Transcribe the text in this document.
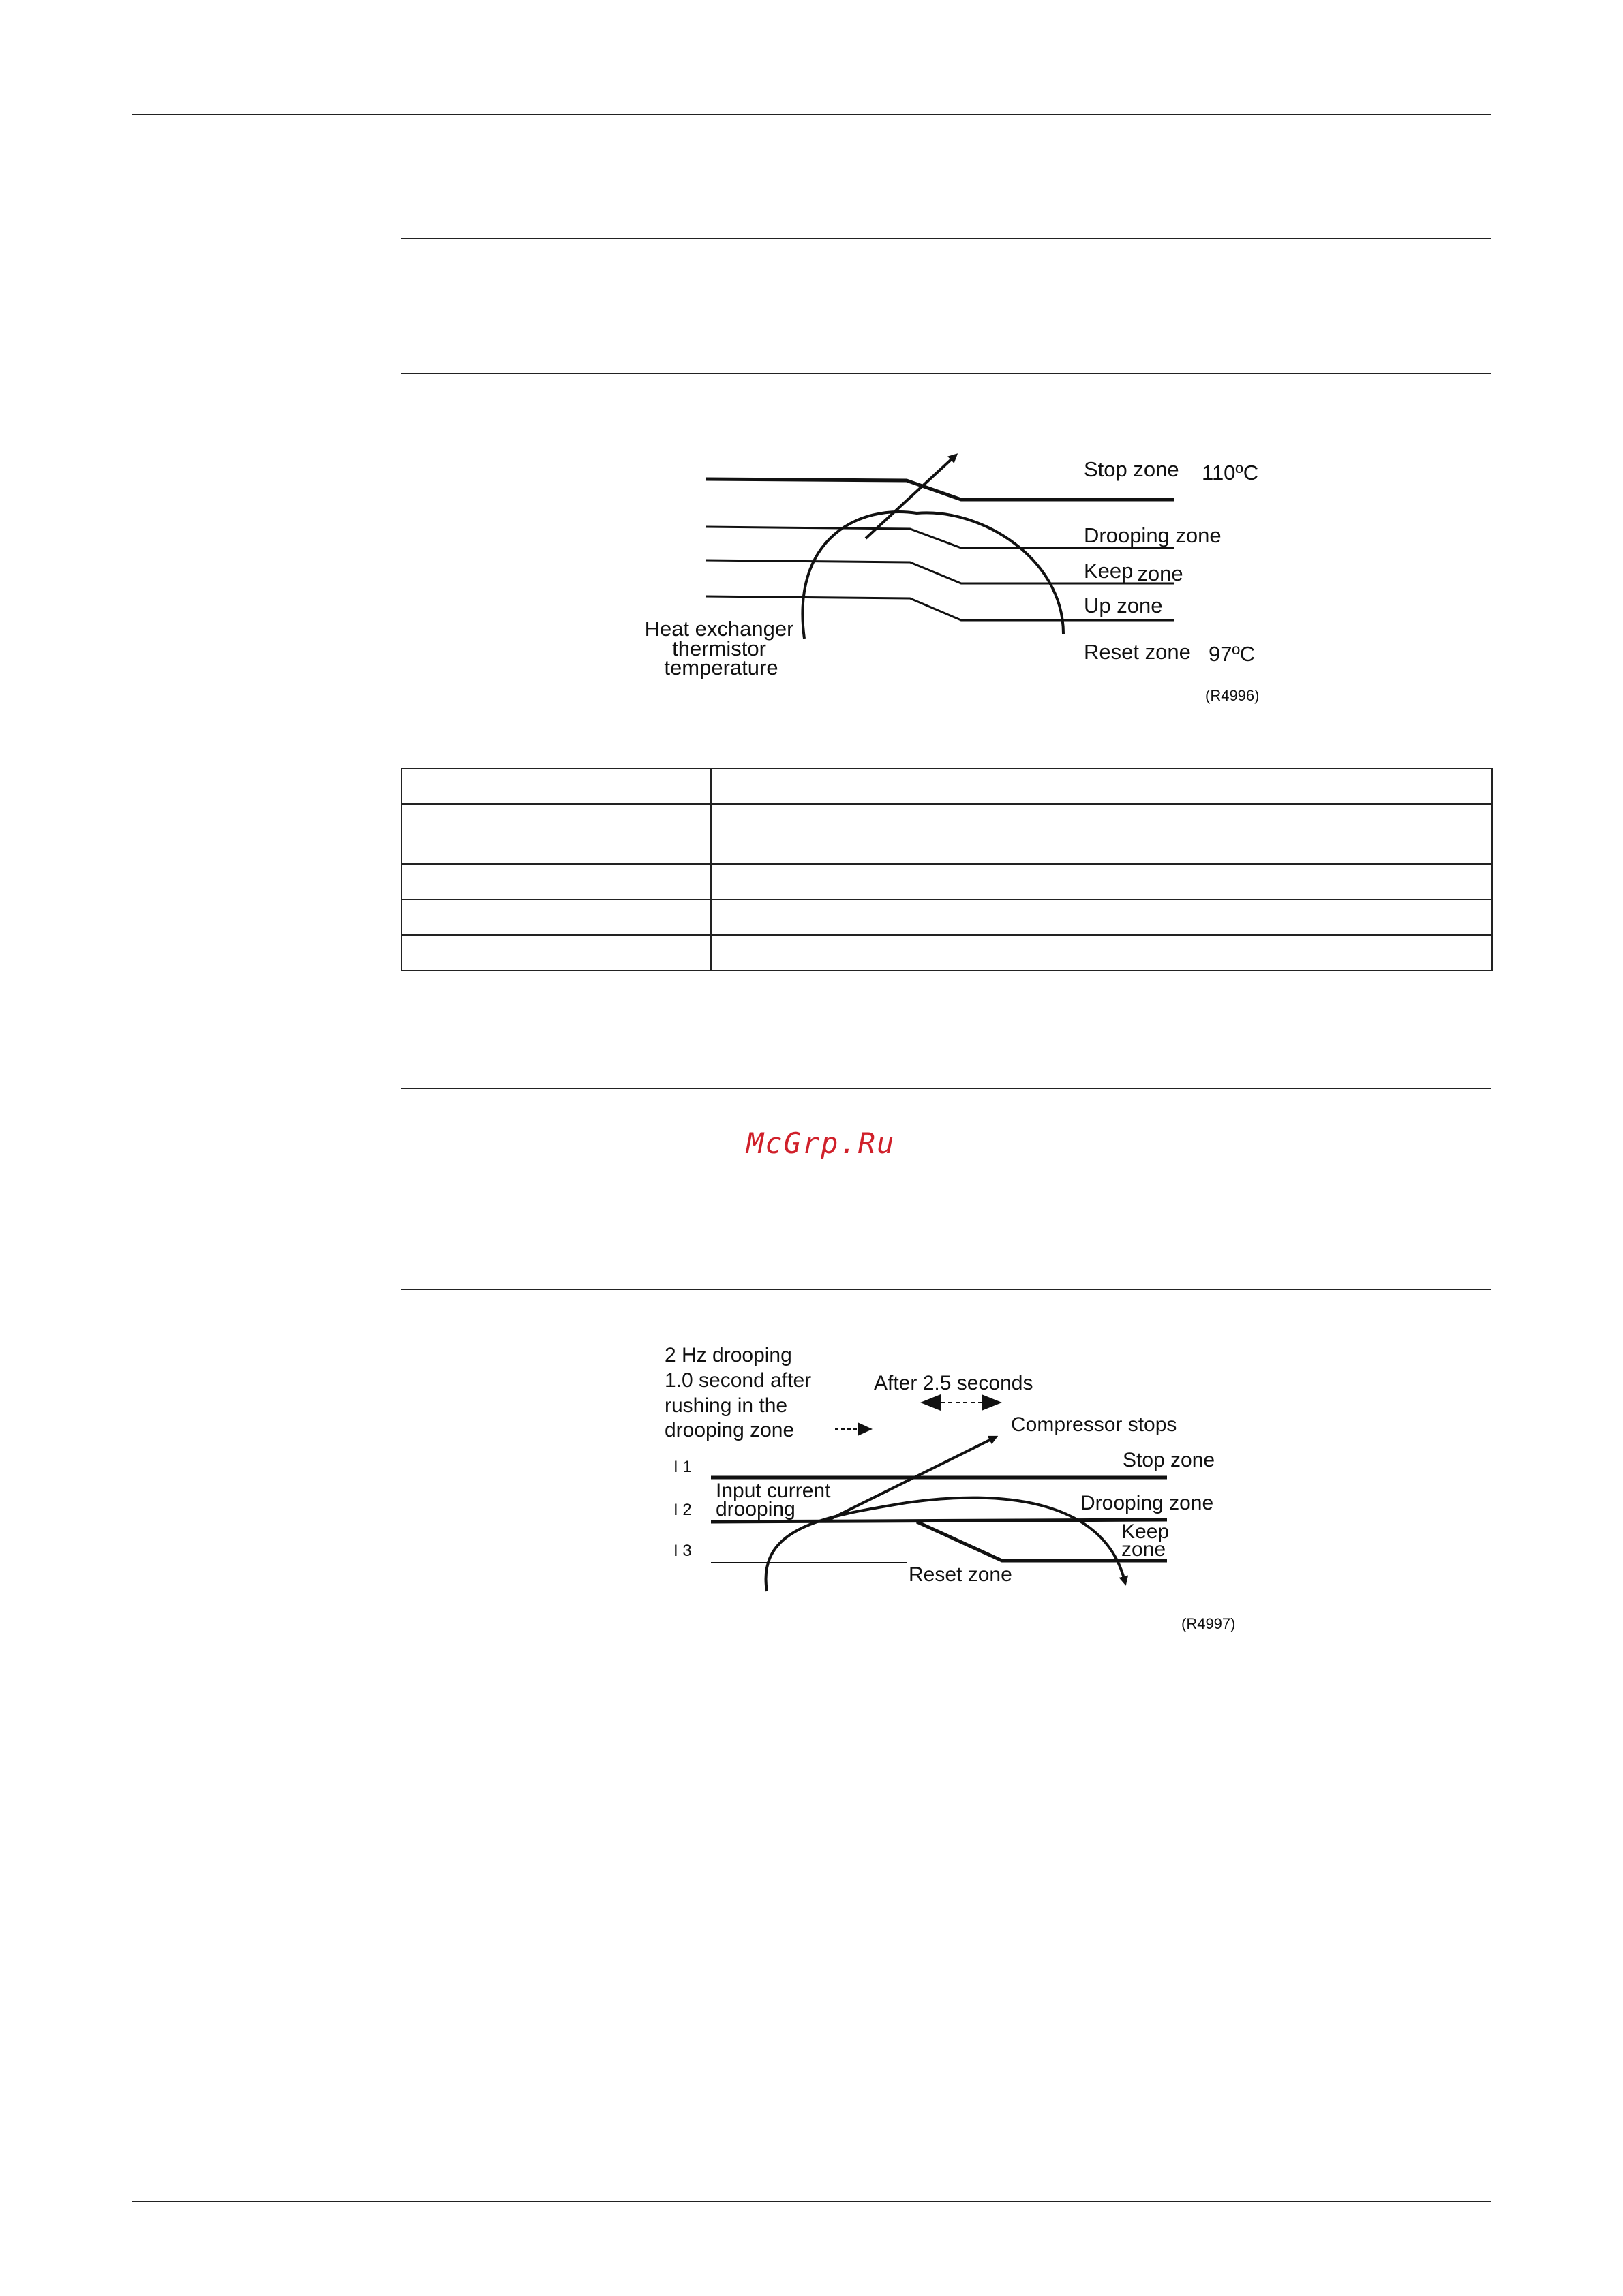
Stop zone 110ºC
Drooping zone
Keep zone
Up zone
Reset zone 97ºC
Heat exchanger
thermistor
temperature
(R4996)

McGrp.Ru
2 Hz drooping
1.0 second after
rushing in the
drooping zone
After 2.5 seconds
Compressor stops
I 1
I 2
I 3
Input current
drooping
Stop zone
Drooping zone
Keep
zone
Reset zone
(R4997)
